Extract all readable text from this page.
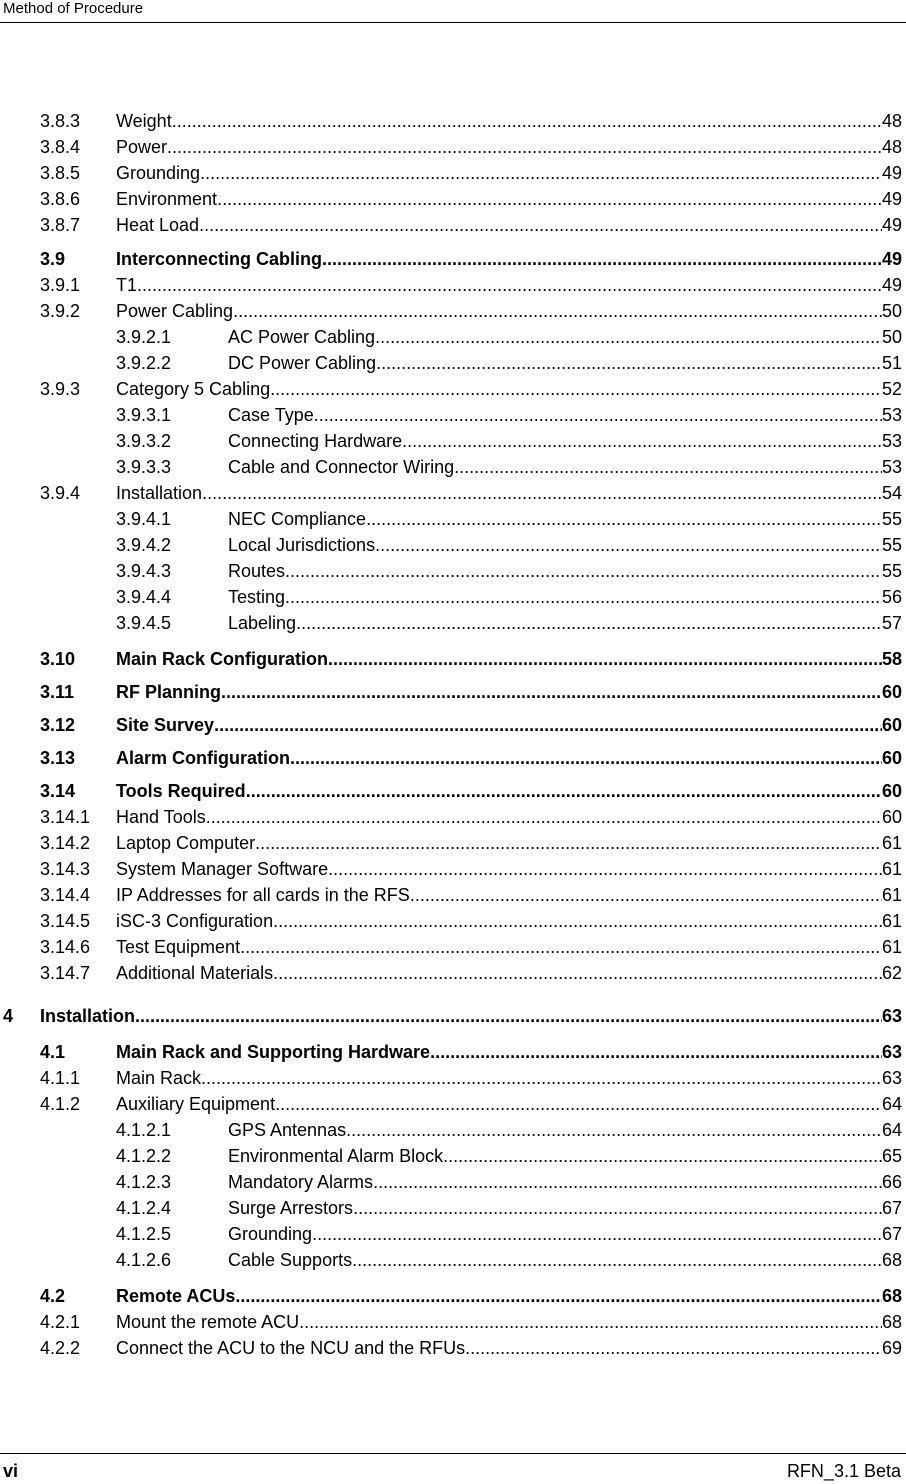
Method of Procedure
3.8.3	Weight .....	48
3.8.4	Power .....	48
3.8.5	Grounding .....	49
3.8.6	Environment .....	49
3.8.7	Heat Load .....	49
3.9	Interconnecting Cabling .....	49
3.9.1	T1 .....	49
3.9.2	Power Cabling .....	50
3.9.2.1	AC Power Cabling .....	50
3.9.2.2	DC Power Cabling .....	51
3.9.3	Category 5 Cabling .....	52
3.9.3.1	Case Type .....	53
3.9.3.2	Connecting Hardware .....	53
3.9.3.3	Cable and Connector Wiring .....	53
3.9.4	Installation .....	54
3.9.4.1	NEC Compliance .....	55
3.9.4.2	Local Jurisdictions .....	55
3.9.4.3	Routes .....	55
3.9.4.4	Testing .....	56
3.9.4.5	Labeling .....	57
3.10	Main Rack Configuration .....	58
3.11	RF Planning .....	60
3.12	Site Survey .....	60
3.13	Alarm Configuration .....	60
3.14	Tools Required .....	60
3.14.1	Hand Tools .....	60
3.14.2	Laptop Computer .....	61
3.14.3	System Manager Software .....	61
3.14.4	IP Addresses for all cards in the RFS .....	61
3.14.5	iSC-3 Configuration .....	61
3.14.6	Test Equipment .....	61
3.14.7	Additional Materials .....	62
4	Installation .....	63
4.1	Main Rack and Supporting Hardware .....	63
4.1.1	Main Rack .....	63
4.1.2	Auxiliary Equipment .....	64
4.1.2.1	GPS Antennas .....	64
4.1.2.2	Environmental Alarm Block .....	65
4.1.2.3	Mandatory Alarms .....	66
4.1.2.4	Surge Arrestors .....	67
4.1.2.5	Grounding .....	67
4.1.2.6	Cable Supports .....	68
4.2	Remote ACUs .....	68
4.2.1	Mount the remote ACU .....	68
4.2.2	Connect the ACU to the NCU and the RFUs .....	69
vi	RFN_3.1 Beta
